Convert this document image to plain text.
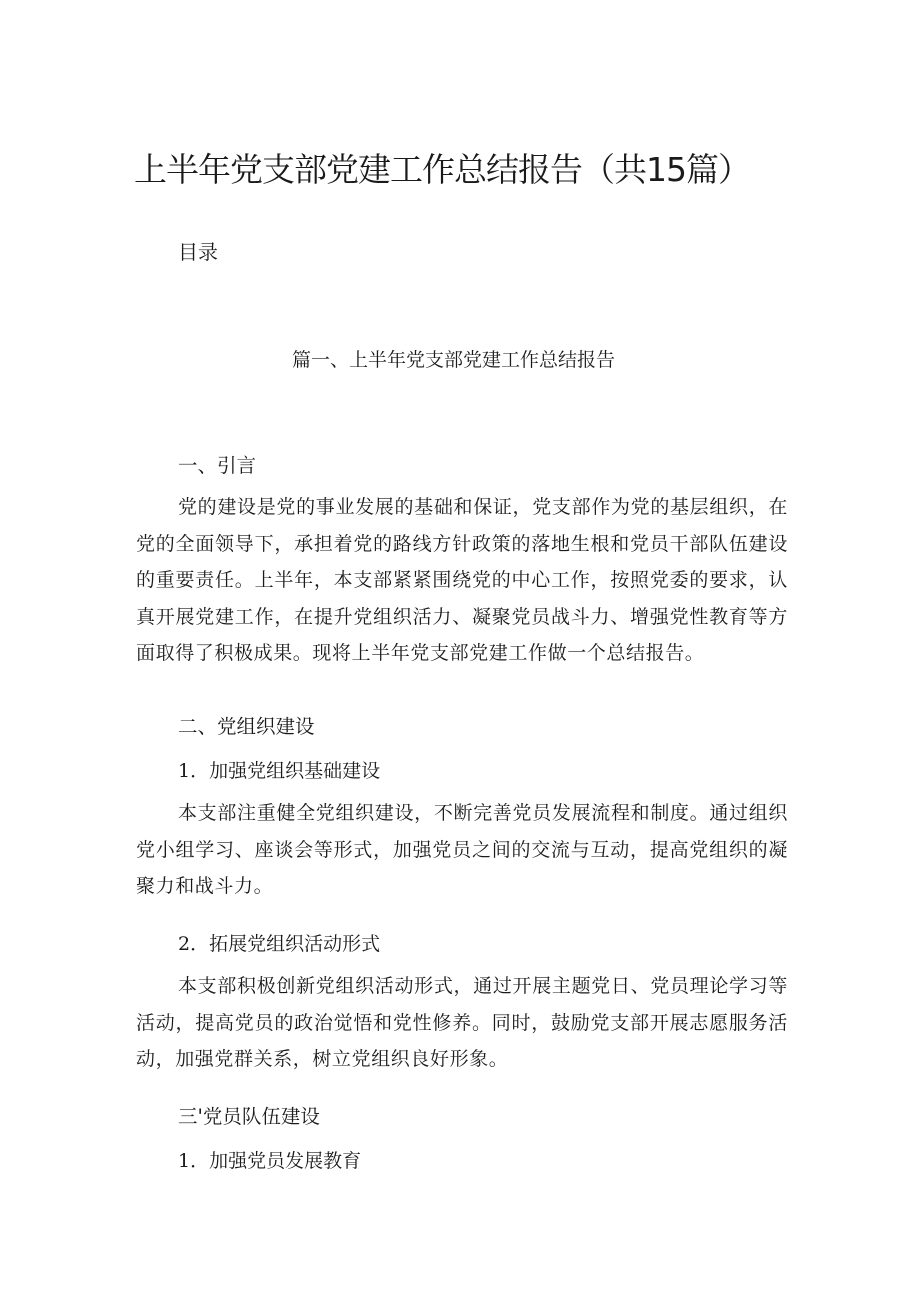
上半年党支部党建工作总结报告（共15篇）
目录
篇一、上半年党支部党建工作总结报告
一、引言

党的建设是党的事业发展的基础和保证，党支部作为党的基层组织，在党的全面领导下，承担着党的路线方针政策的落地生根和党员干部队伍建设的重要责任。上半年，本支部紧紧围绕党的中心工作，按照党委的要求，认真开展党建工作，在提升党组织活力、凝聚党员战斗力、增强党性教育等方面取得了积极成果。现将上半年党支部党建工作做一个总结报告。

二、党组织建设
1．加强党组织基础建设

本支部注重健全党组织建设，不断完善党员发展流程和制度。通过组织党小组学习、座谈会等形式，加强党员之间的交流与互动，提高党组织的凝聚力和战斗力。

2．拓展党组织活动形式

本支部积极创新党组织活动形式，通过开展主题党日、党员理论学习等活动，提高党员的政治觉悟和党性修养。同时，鼓励党支部开展志愿服务活动，加强党群关系，树立党组织良好形象。

三'党员队伍建设
1．加强党员发展教育
